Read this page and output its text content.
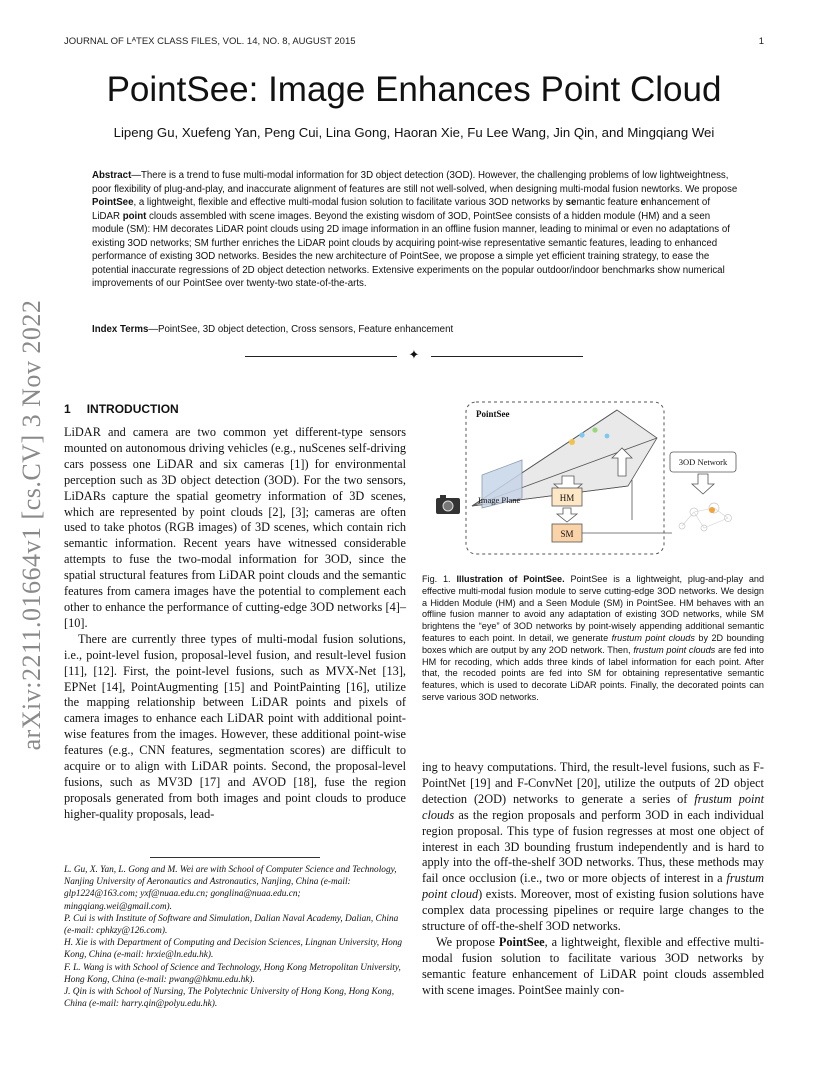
JOURNAL OF LᴬTEX CLASS FILES, VOL. 14, NO. 8, AUGUST 2015	1
arXiv:2211.01664v1 [cs.CV] 3 Nov 2022
PointSee: Image Enhances Point Cloud
Lipeng Gu, Xuefeng Yan, Peng Cui, Lina Gong, Haoran Xie, Fu Lee Wang, Jin Qin, and Mingqiang Wei
Abstract—There is a trend to fuse multi-modal information for 3D object detection (3OD). However, the challenging problems of low lightweightness, poor flexibility of plug-and-play, and inaccurate alignment of features are still not well-solved, when designing multi-modal fusion newtorks. We propose PointSee, a lightweight, flexible and effective multi-modal fusion solution to facilitate various 3OD networks by semantic feature enhancement of LiDAR point clouds assembled with scene images. Beyond the existing wisdom of 3OD, PointSee consists of a hidden module (HM) and a seen module (SM): HM decorates LiDAR point clouds using 2D image information in an offline fusion manner, leading to minimal or even no adaptations of existing 3OD networks; SM further enriches the LiDAR point clouds by acquiring point-wise representative semantic features, leading to enhanced performance of existing 3OD networks. Besides the new architecture of PointSee, we propose a simple yet efficient training strategy, to ease the potential inaccurate regressions of 2D object detection networks. Extensive experiments on the popular outdoor/indoor benchmarks show numerical improvements of our PointSee over twenty-two state-of-the-arts.
Index Terms—PointSee, 3D object detection, Cross sensors, Feature enhancement
✦
1 INTRODUCTION

LiDAR and camera are two common yet different-type sensors mounted on autonomous driving vehicles (e.g., nuScenes self-driving cars possess one LiDAR and six cameras [1]) for environmental perception such as 3D object detection (3OD). For the two sensors, LiDARs capture the spatial geometry information of 3D scenes, which are represented by point clouds [2], [3]; cameras are often used to take photos (RGB images) of 3D scenes, which contain rich semantic information. Recent years have witnessed considerable attempts to fuse the two-modal information for 3OD, since the spatial structural features from LiDAR point clouds and the semantic features from camera images have the potential to complement each other to enhance the performance of cutting-edge 3OD networks [4]–[10].

There are currently three types of multi-modal fusion solutions, i.e., point-level fusion, proposal-level fusion, and result-level fusion [11], [12]. First, the point-level fusions, such as MVX-Net [13], EPNet [14], PointAugmenting [15] and PointPainting [16], utilize the mapping relationship between LiDAR points and pixels of camera images to enhance each LiDAR point with additional point-wise features from the images. However, these additional point-wise features (e.g., CNN features, segmentation scores) are difficult to acquire or to align with LiDAR points. Second, the proposal-level fusions, such as MV3D [17] and AVOD [18], fuse the region proposals generated from both images and point clouds to produce higher-quality proposals, lead-

L. Gu, X. Yan, L. Gong and M. Wei are with School of Computer Science and Technology, Nanjing University of Aeronautics and Astronautics, Nanjing, China (e-mail: glp1224@163.com; yxf@nuaa.edu.cn; gonglina@nuaa.edu.cn; mingqiang.wei@gmail.com).
P. Cui is with Institute of Software and Simulation, Dalian Naval Academy, Dalian, China (e-mail: cphkzy@126.com).
H. Xie is with Department of Computing and Decision Sciences, Lingnan University, Hong Kong, China (e-mail: hrxie@ln.edu.hk).
F. L. Wang is with School of Science and Technology, Hong Kong Metropolitan University, Hong Kong, China (e-mail: pwang@hkmu.edu.hk).
J. Qin is with School of Nursing, The Polytechnic University of Hong Kong, Hong Kong, China (e-mail: harry.qin@polyu.edu.hk).
PointSee
Image Plane	HM
SM
3OD Network
Fig. 1. Illustration of PointSee. PointSee is a lightweight, plug-and-play and effective multi-modal fusion module to serve cutting-edge 3OD networks. We design a Hidden Module (HM) and a Seen Module (SM) in PointSee. HM behaves with an offline fusion manner to avoid any adaptation of existing 3OD networks, while SM brightens the “eye” of 3OD networks by point-wisely appending additional semantic features to each point. In detail, we generate frustum point clouds by 2D bounding boxes which are output by any 2OD network. Then, frustum point clouds are fed into HM for recoding, which adds three kinds of label information for each point. After that, the recoded points are fed into SM for obtaining representative semantic features, which is used to decorate LiDAR points. Finally, the decorated points can serve various 3OD networks.

ing to heavy computations. Third, the result-level fusions, such as F-PointNet [19] and F-ConvNet [20], utilize the outputs of 2D object detection (2OD) networks to generate a series of frustum point clouds as the region proposals and perform 3OD in each individual region proposal. This type of fusion regresses at most one object of interest in each 3D bounding frustum independently and is hard to apply into the off-the-shelf 3OD networks. Thus, these methods may fail once occlusion (i.e., two or more objects of interest in a frustum point cloud) exists. Moreover, most of existing fusion solutions have complex data processing pipelines or require large changes to the structure of off-the-shelf 3OD networks.

We propose PointSee, a lightweight, flexible and effective multi-modal fusion solution to facilitate various 3OD networks by semantic feature enhancement of LiDAR point clouds assembled with scene images. PointSee mainly con-
